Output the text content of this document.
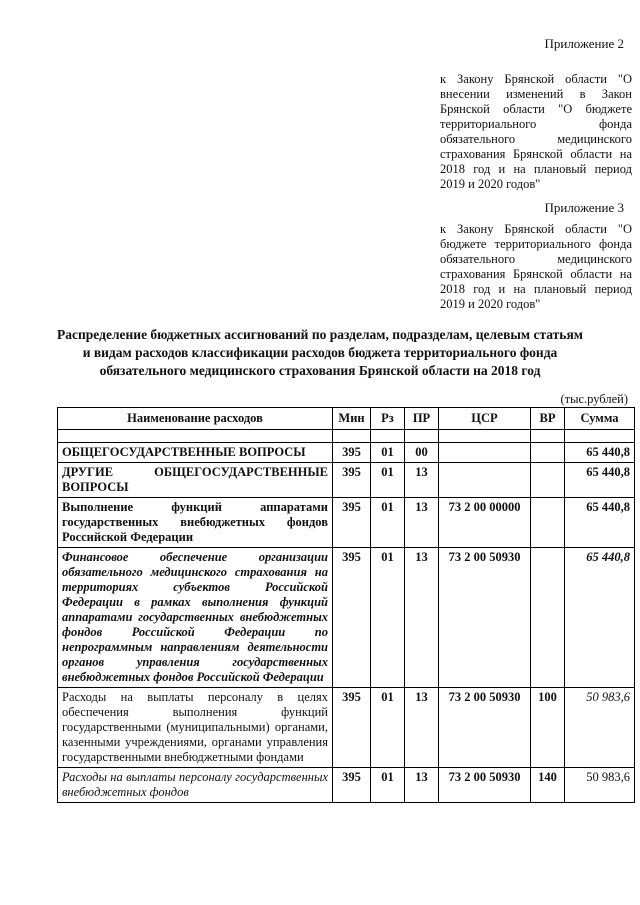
Приложение 2
к Закону Брянской области "О внесении изменений в Закон Брянской области "О бюджете территориального фонда обязательного медицинского страхования Брянской области на 2018 год и на плановый период 2019 и 2020 годов"
Приложение 3
к Закону Брянской области "О бюджете территориального фонда обязательного медицинского страхования Брянской области на 2018 год и на плановый период 2019 и 2020 годов"
Распределение бюджетных ассигнований по разделам, подразделам, целевым статьям
и видам расходов классификации расходов бюджета территориального фонда
обязательного медицинского страхования Брянской области на 2018 год
(тыс.рублей)
Наименование расходов	Мин	Рз	ПР	ЦСР	ВР	Сумма

ОБЩЕГОСУДАРСТВЕННЫЕ ВОПРОСЫ	395	01	00			65 440,8
ДРУГИЕ ОБЩЕГОСУДАРСТВЕННЫЕ ВОПРОСЫ	395	01	13			65 440,8
Выполнение функций аппаратами государственных внебюджетных фондов Российской Федерации	395	01	13	73 2 00 00000		65 440,8
Финансовое обеспечение организации обязательного медицинского страхования на территориях субъектов Российской Федерации в рамках выполнения функций аппаратами государственных внебюджетных фондов Российской Федерации по непрограммным направлениям деятельности органов управления государственных внебюджетных фондов Российской Федерации	395	01	13	73 2 00 50930		65 440,8
Расходы на выплаты персоналу в целях обеспечения выполнения функций государственными (муниципальными) органами, казенными учреждениями, органами управления государственными внебюджетными фондами	395	01	13	73 2 00 50930	100	50 983,6
Расходы на выплаты персоналу государственных внебюджетных фондов	395	01	13	73 2 00 50930	140	50 983,6
